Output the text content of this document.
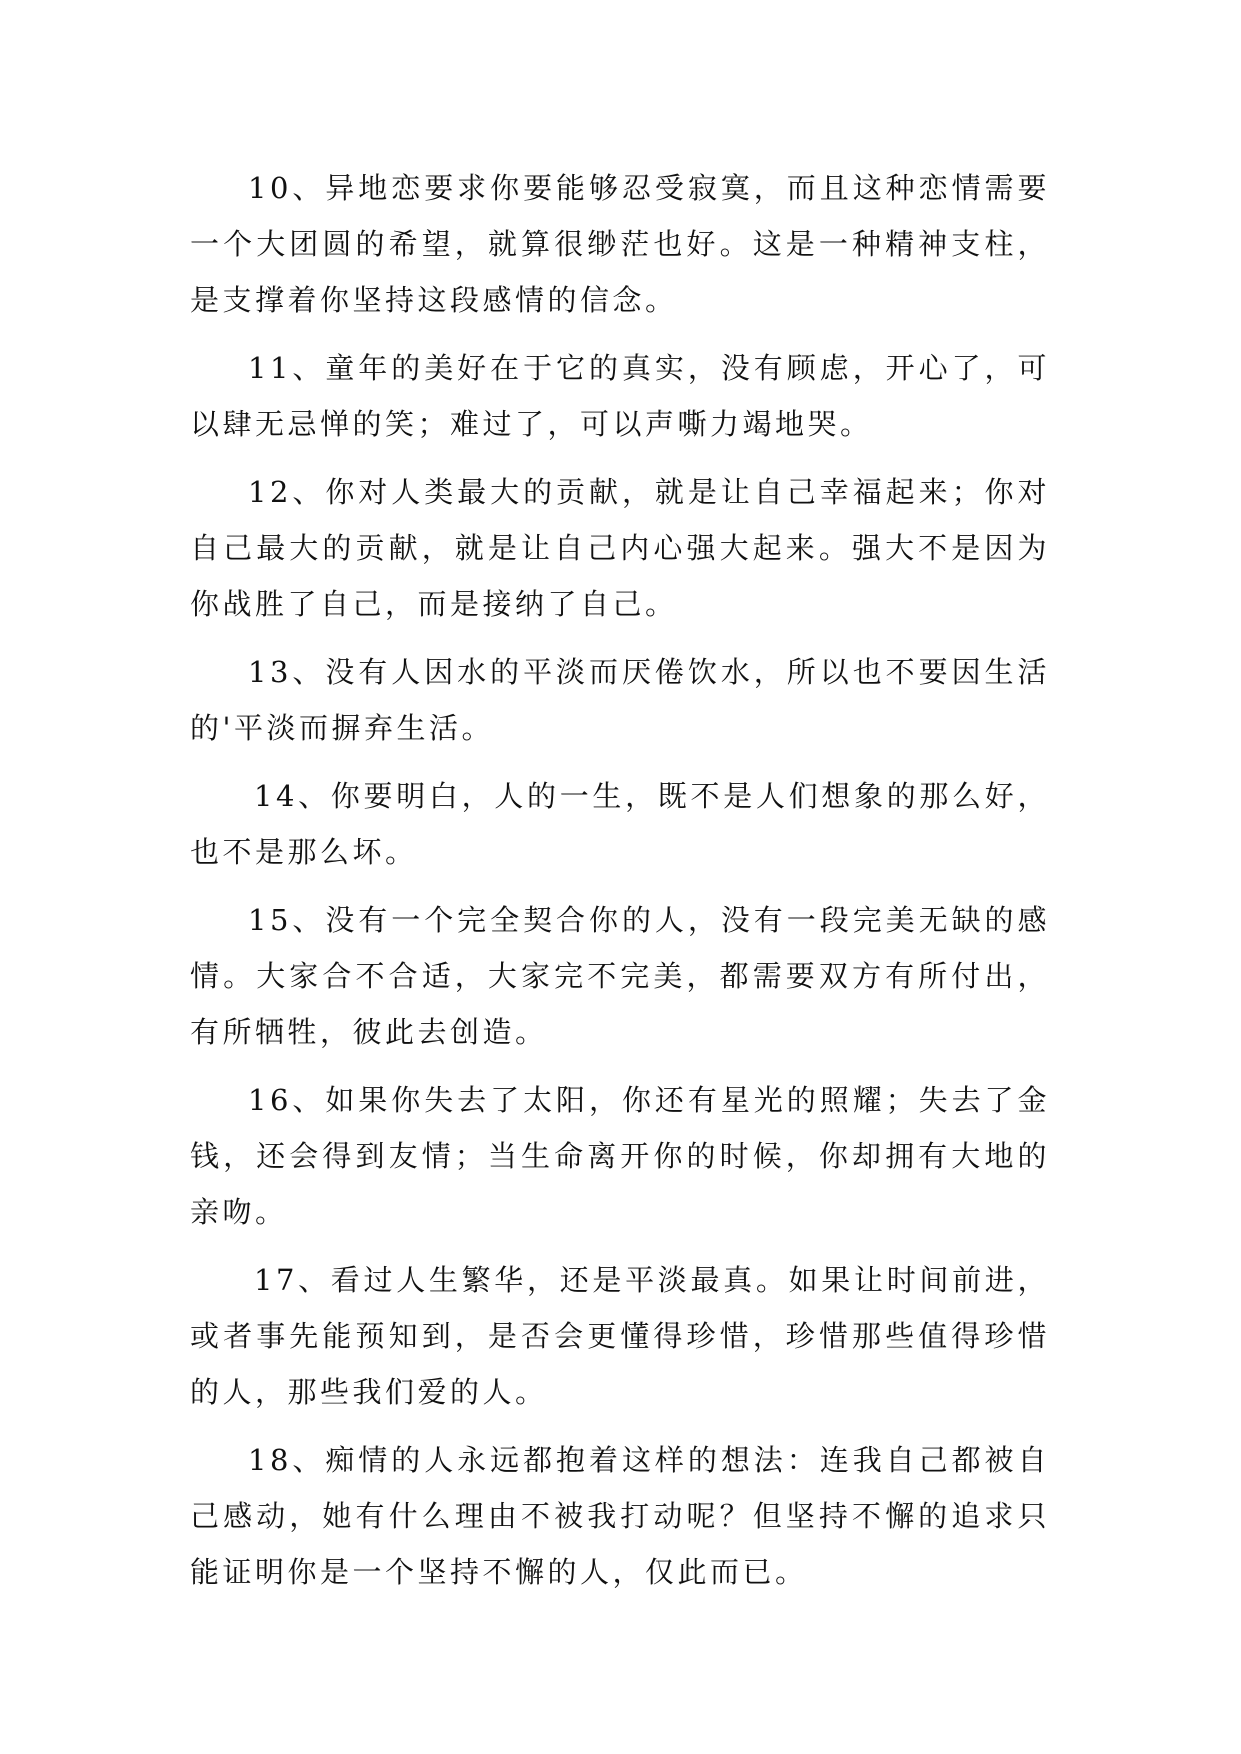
10、异地恋要求你要能够忍受寂寞，而且这种恋情需要一个大团圆的希望，就算很缈茫也好。这是一种精神支柱，是支撑着你坚持这段感情的信念。

11、童年的美好在于它的真实，没有顾虑，开心了，可以肆无忌惮的笑；难过了，可以声嘶力竭地哭。

12、你对人类最大的贡献，就是让自己幸福起来；你对自己最大的贡献，就是让自己内心强大起来。强大不是因为你战胜了自己，而是接纳了自己。

13、没有人因水的平淡而厌倦饮水，所以也不要因生活的'平淡而摒弃生活。

14、你要明白，人的一生，既不是人们想象的那么好，也不是那么坏。

15、没有一个完全契合你的人，没有一段完美无缺的感情。大家合不合适，大家完不完美，都需要双方有所付出，有所牺牲，彼此去创造。

16、如果你失去了太阳，你还有星光的照耀；失去了金钱，还会得到友情；当生命离开你的时候，你却拥有大地的亲吻。

17、看过人生繁华，还是平淡最真。如果让时间前进，或者事先能预知到，是否会更懂得珍惜，珍惜那些值得珍惜的人，那些我们爱的人。

18、痴情的人永远都抱着这样的想法：连我自己都被自己感动，她有什么理由不被我打动呢？但坚持不懈的追求只能证明你是一个坚持不懈的人，仅此而已。
